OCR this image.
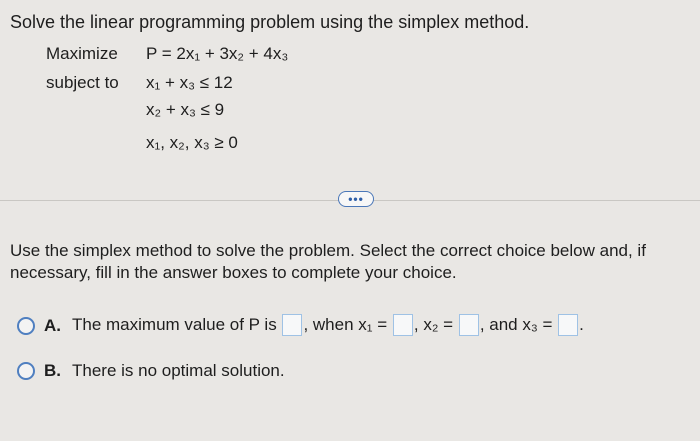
Solve the linear programming problem using the simplex method.
Maximize P = 2x₁ + 3x₂ + 4x₃
subject to x₁ + x₃ ≤ 12
x₂ + x₃ ≤ 9
x₁, x₂, x₃ ≥ 0
•••
Use the simplex method to solve the problem. Select the correct choice below and, if necessary, fill in the answer boxes to complete your choice.
A. The maximum value of P is , when x₁ = , x₂ = , and x₃ = .
B. There is no optimal solution.
